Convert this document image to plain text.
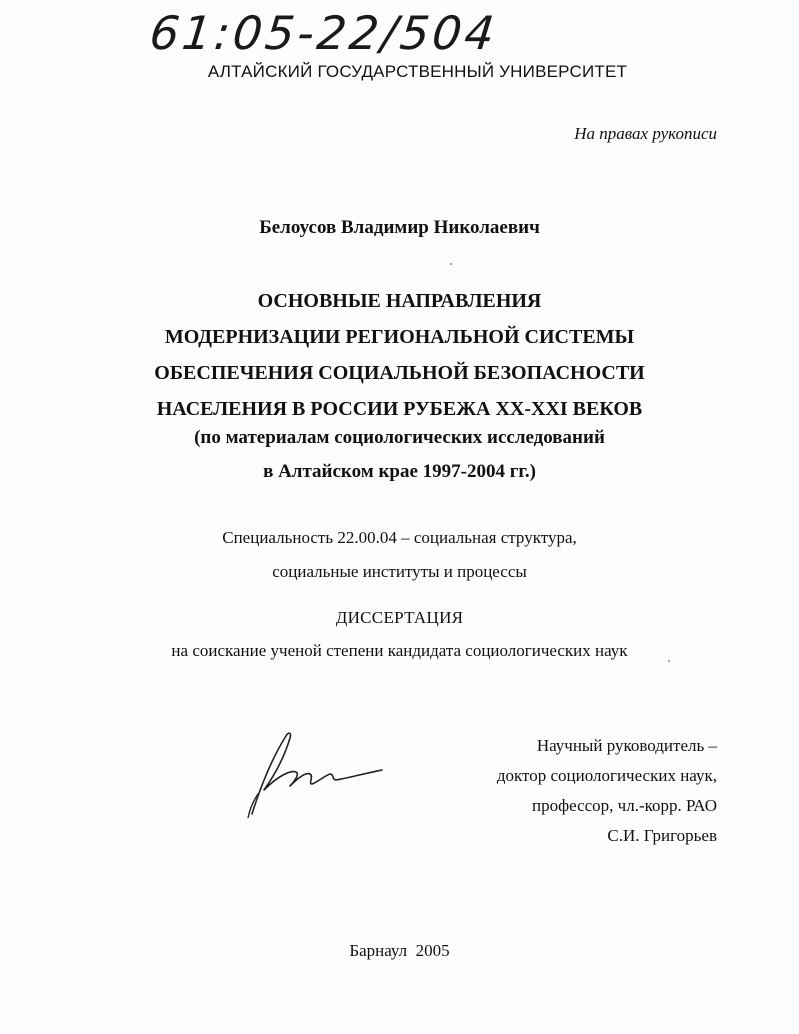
61:05-22/504
АЛТАЙСКИЙ ГОСУДАРСТВЕННЫЙ УНИВЕРСИТЕТ
На правах рукописи
Белоусов Владимир Николаевич
ОСНОВНЫЕ НАПРАВЛЕНИЯ
МОДЕРНИЗАЦИИ РЕГИОНАЛЬНОЙ СИСТЕМЫ
ОБЕСПЕЧЕНИЯ СОЦИАЛЬНОЙ БЕЗОПАСНОСТИ
НАСЕЛЕНИЯ В РОССИИ РУБЕЖА XX-XXI ВЕКОВ
(по материалам социологических исследований
в Алтайском крае 1997-2004 гг.)
Специальность 22.00.04 – социальная структура,
социальные институты и процессы
ДИССЕРТАЦИЯ
на соискание ученой степени кандидата социологических наук
Научный руководитель –
доктор социологических наук,
профессор, чл.-корр. РАО
С.И. Григорьев
Барнаул  2005
